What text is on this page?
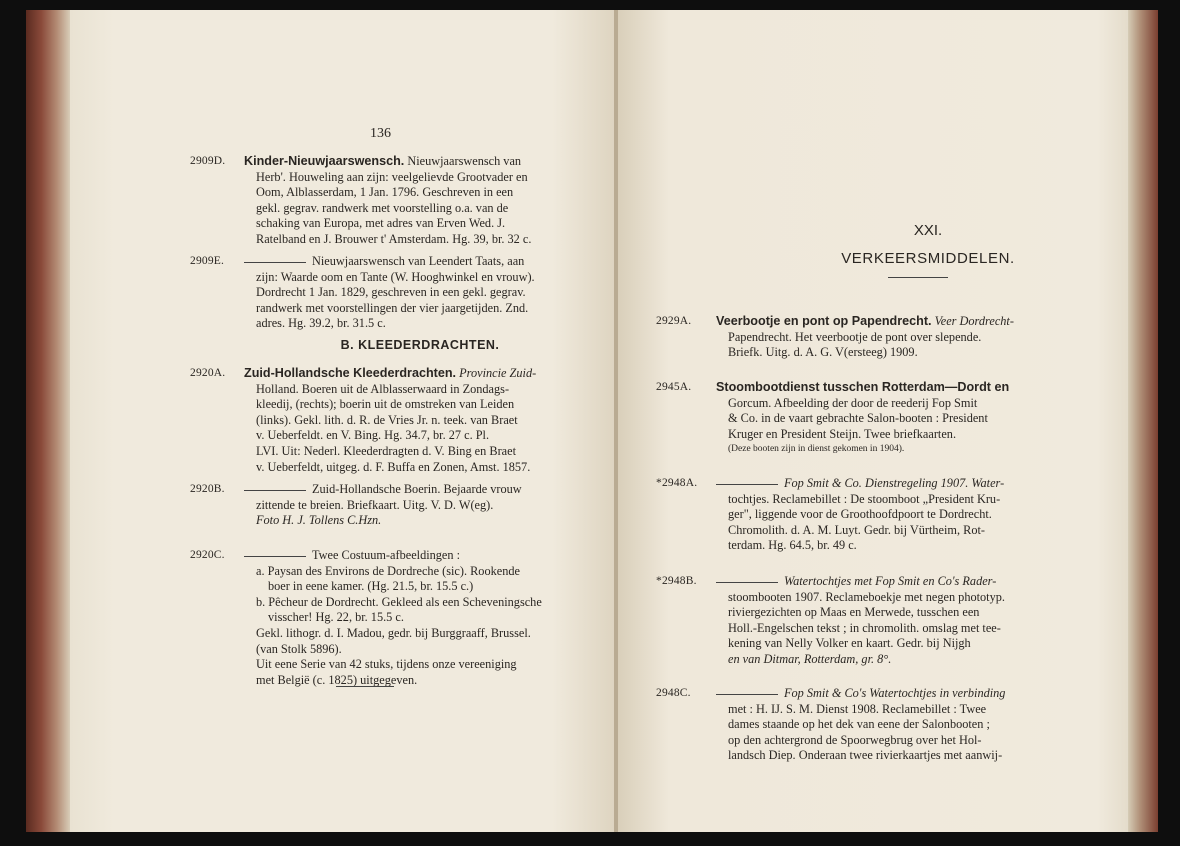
136
2909D.	Kinder-Nieuwjaarswensch. Nieuwjaarswensch van

Herb'. Houweling aan zijn: veelgelievde Grootvader en
Oom, Alblasserdam, 1 Jan. 1796. Geschreven in een
gekl. gegrav. randwerk met voorstelling o.a. van de
schaking van Europa, met adres van Erven Wed. J.
Ratelband en J. Brouwer t' Amsterdam. Hg. 39, br. 32 c.
2909E.	Nieuwjaarswensch van Leendert Taats, aan

zijn: Waarde oom en Tante (W. Hooghwinkel en vrouw).
Dordrecht 1 Jan. 1829, geschreven in een gekl. gegrav.
randwerk met voorstellingen der vier jaargetijden. Znd.
adres. Hg. 39.2, br. 31.5 c.
B. KLEEDERDRACHTEN.
2920A.	Zuid-Hollandsche Kleederdrachten. Provincie Zuid-

Holland. Boeren uit de Alblasserwaard in Zondags-
kleedij, (rechts); boerin uit de omstreken van Leiden
(links). Gekl. lith. d. R. de Vries Jr. n. teek. van Braet
v. Ueberfeldt. en V. Bing. Hg. 34.7, br. 27 c. Pl.
LVI. Uit: Nederl. Kleederdragten d. V. Bing en Braet
v. Ueberfeldt, uitgeg. d. F. Buffa en Zonen, Amst. 1857.
2920B.	Zuid-Hollandsche Boerin. Bejaarde vrouw

zittende te breien. Briefkaart. Uitg. V. D. W(eg).
Foto H. J. Tollens C.Hzn.
2920C.	Twee Costuum-afbeeldingen :

a. Paysan des Environs de Dordreche (sic). Rookende
boer in eene kamer. (Hg. 21.5, br. 15.5 c.)
b. Pêcheur de Dordrecht. Gekleed als een Scheveningsche
visscher! Hg. 22, br. 15.5 c.
Gekl. lithogr. d. I. Madou, gedr. bij Burggraaff, Brussel.
(van Stolk 5896).
Uit eene Serie van 42 stuks, tijdens onze vereeniging
met België (c. 1825) uitgegeven.
XXI.
VERKEERSMIDDELEN.
2929A.	Veerbootje en pont op Papendrecht. Veer Dordrecht-

Papendrecht. Het veerbootje de pont over slepende.
Briefk. Uitg. d. A. G. V(ersteeg) 1909.
2945A.	Stoombootdienst tusschen Rotterdam—Dordt en

Gorcum. Afbeelding der door de reederij Fop Smit
& Co. in de vaart gebrachte Salon-booten : President
Kruger en President Steijn. Twee briefkaarten.
(Deze booten zijn in dienst gekomen in 1904).
*2948A.	Fop Smit & Co. Dienstregeling 1907. Water-

tochtjes. Reclamebillet : De stoomboot „President Kru-
ger", liggende voor de Groothoofdpoort te Dordrecht.
Chromolith. d. A. M. Luyt. Gedr. bij Vürtheim, Rot-
terdam. Hg. 64.5, br. 49 c.
*2948B.	Watertochtjes met Fop Smit en Co's Rader-

stoombooten 1907. Reclameboekje met negen phototyp.
riviergezichten op Maas en Merwede, tusschen een
Holl.-Engelschen tekst ; in chromolith. omslag met tee-
kening van Nelly Volker en kaart. Gedr. bij Nijgh
en van Ditmar, Rotterdam, gr. 8°.
2948C.	Fop Smit & Co's Watertochtjes in verbinding

met : H. IJ. S. M. Dienst 1908. Reclamebillet : Twee
dames staande op het dek van eene der Salonbooten ;
op den achtergrond de Spoorwegbrug over het Hol-
landsch Diep. Onderaan twee rivierkaartjes met aanwij-
